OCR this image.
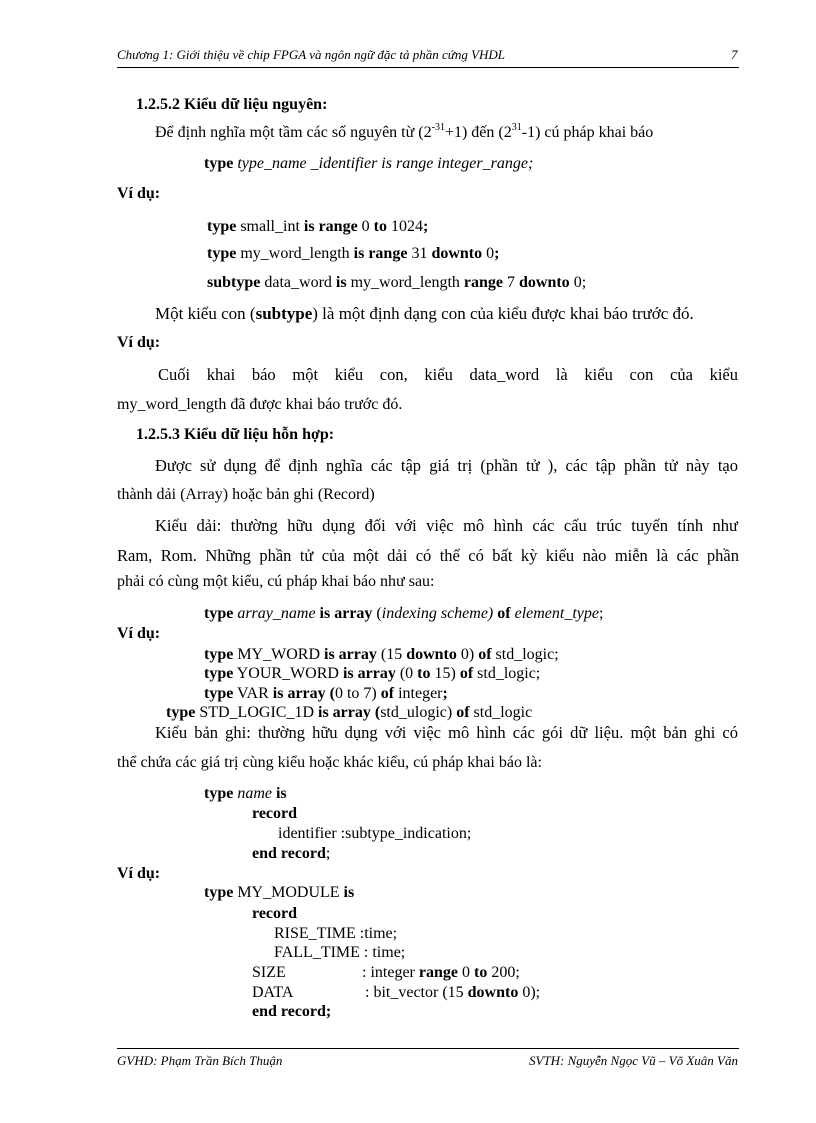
Chương 1: Giới thiệu về chip FPGA và ngôn ngữ đặc tả phần cứng VHDL	7
1.2.5.2 Kiểu dữ liệu nguyên:
Để định nghĩa một tầm các số nguyên từ $(2^{-31}+1)$ đến $(2^{31}-1)$ cú pháp khai báo
type type_name _identifier is range integer_range;
Ví dụ:
type small_int is range 0 to 1024;
type my_word_length is range 31 downto 0;
subtype data_word is my_word_length range 7 downto 0;
Một kiểu con (subtype) là một định dạng con của kiểu được khai báo trước đó.
Ví dụ:
Cuối khai báo một kiểu con, kiểu data_word là kiểu con của kiểu
my_word_length đã được khai báo trước đó.
1.2.5.3 Kiểu dữ liệu hỗn hợp:
Được sử dụng để định nghĩa các tập giá trị (phần tử ), các tập phần tử này tạo
thành dải (Array) hoặc bản ghi (Record)
Kiểu dải: thường hữu dụng đối với việc mô hình các cấu trúc tuyến tính như
Ram, Rom. Những phần tử của một dải có thể có bất kỳ kiểu nào miễn là các phần
phải có cùng một kiểu, cú pháp khai báo như sau:
type array_name is array (indexing scheme) of element_type;
Ví dụ:
type MY_WORD is array (15 downto 0) of std_logic;
type YOUR_WORD is array (0 to 15) of std_logic;
type VAR is array (0 to 7) of integer;
type STD_LOGIC_1D is array (std_ulogic) of std_logic
Kiểu bản ghi: thường hữu dụng với việc mô hình các gói dữ liệu. một bản ghi có
thể chứa các giá trị cùng kiểu hoặc khác kiểu, cú pháp khai báo là:
type name is
record
identifier :subtype_indication;
end record;
Ví dụ:
type MY_MODULE is
record
RISE_TIME :time;
FALL_TIME : time;
SIZE	: integer range 0 to 200;
DATA	: bit_vector (15 downto 0);
end record;
GVHD: Phạm Trần Bích Thuận	SVTH: Nguyễn Ngọc Vũ – Võ Xuân Văn
